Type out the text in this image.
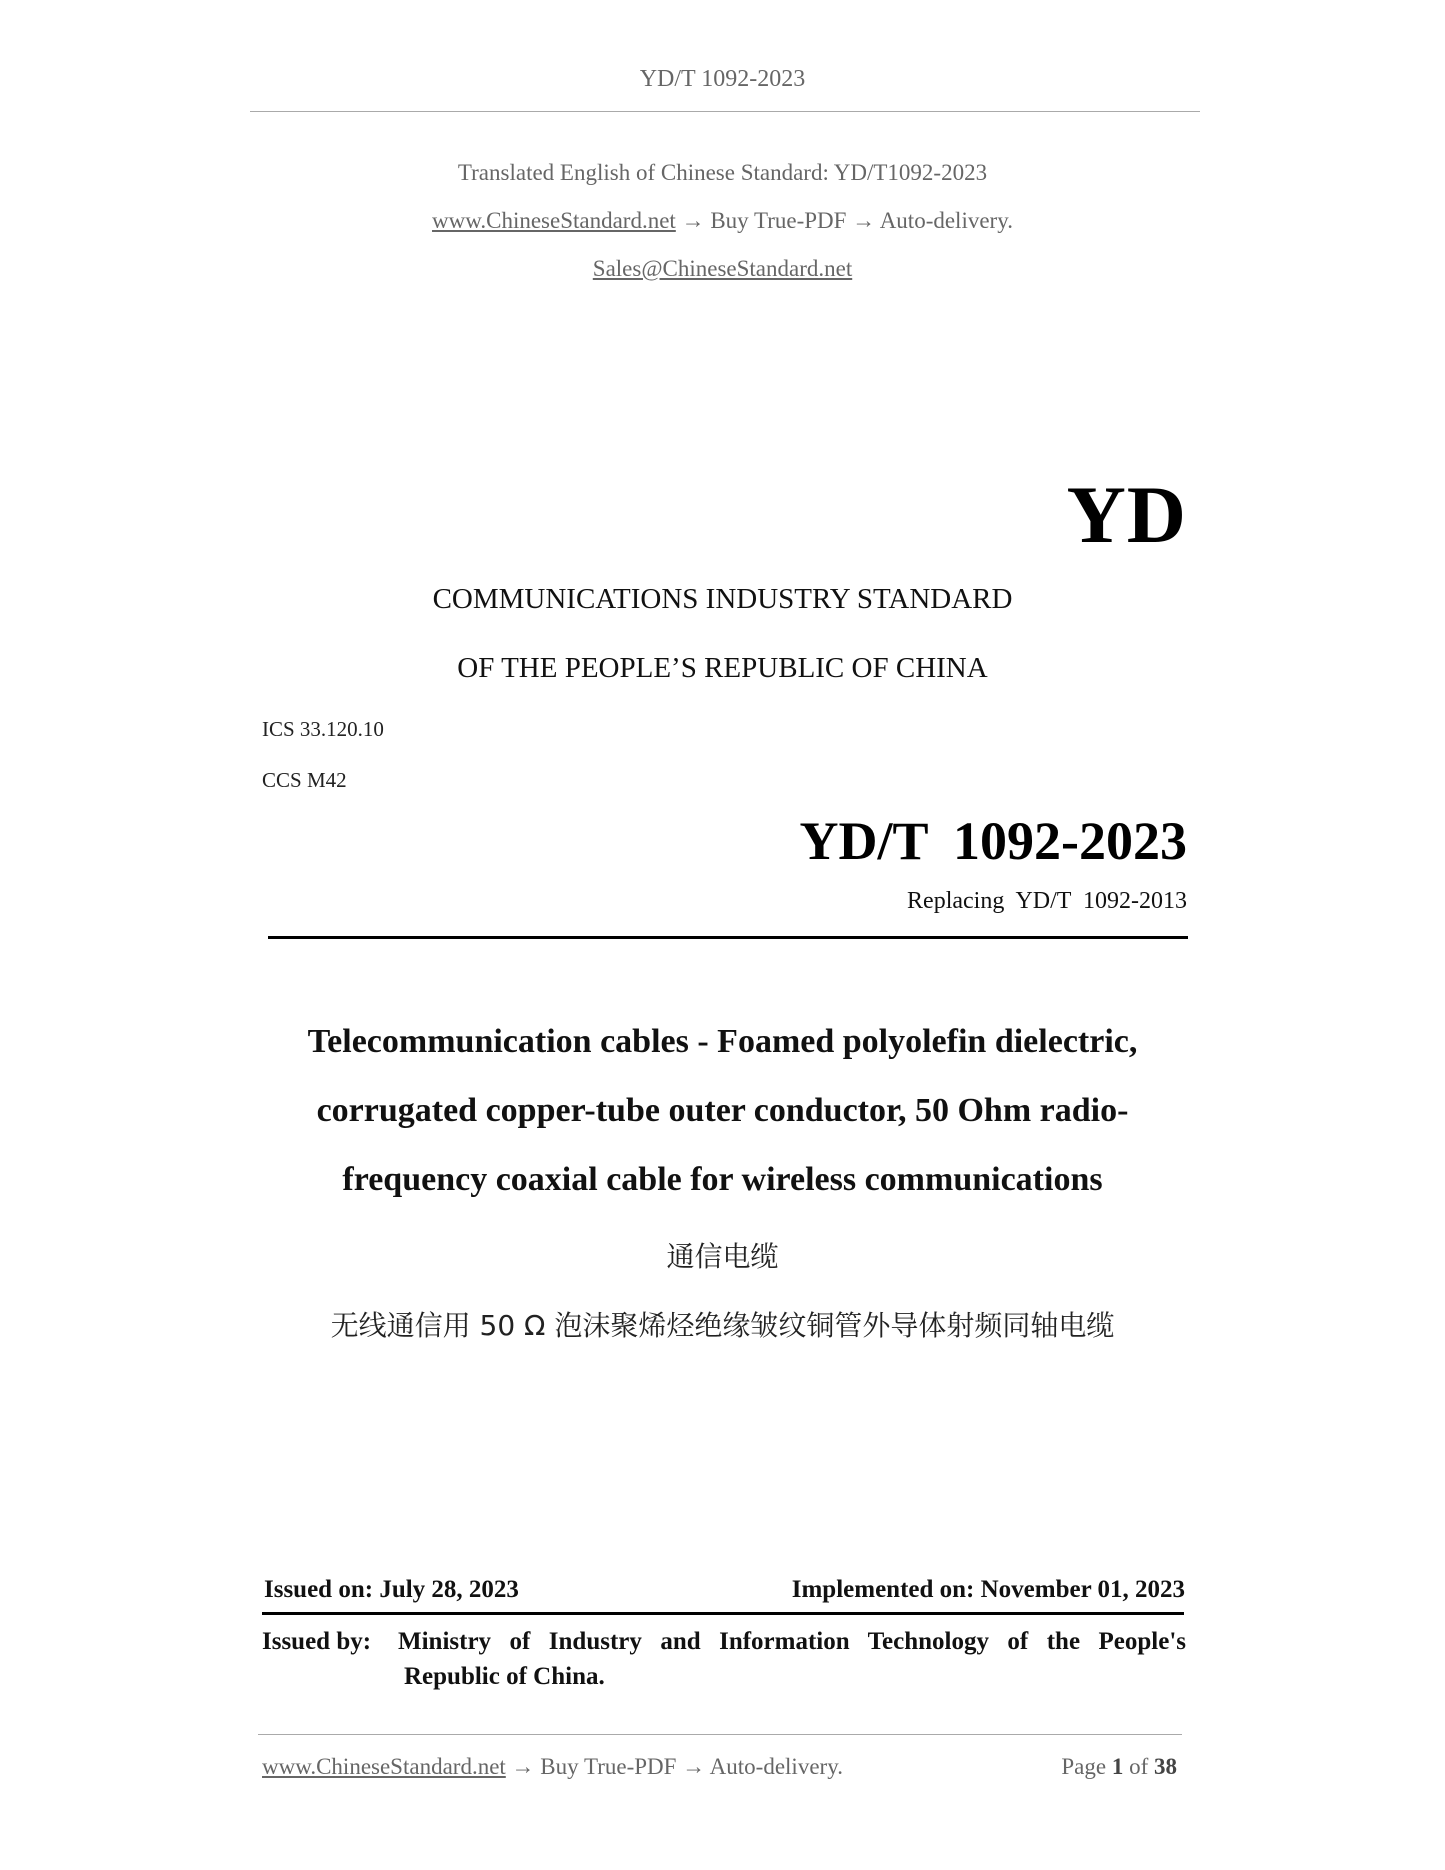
YD/T 1092-2023
Translated English of Chinese Standard: YD/T1092-2023
www.ChineseStandard.net → Buy True-PDF → Auto-delivery.
Sales@ChineseStandard.net
YD
COMMUNICATIONS INDUSTRY STANDARD
OF THE PEOPLE’S REPUBLIC OF CHINA
ICS 33.120.10
CCS M42
YD/T 1092-2023
Replacing YD/T 1092-2013
Telecommunication cables - Foamed polyolefin dielectric,
corrugated copper-tube outer conductor, 50 Ohm radio-
frequency coaxial cable for wireless communications
通信电缆
无线通信用 50 Ω 泡沫聚烯烃绝缘皱纹铜管外导体射频同轴电缆
Issued on: July 28, 2023	Implemented on: November 01, 2023
Issued by: Ministry of Industry and Information Technology of the People's
Republic of China.
www.ChineseStandard.net → Buy True-PDF → Auto-delivery.	Page 1 of 38
